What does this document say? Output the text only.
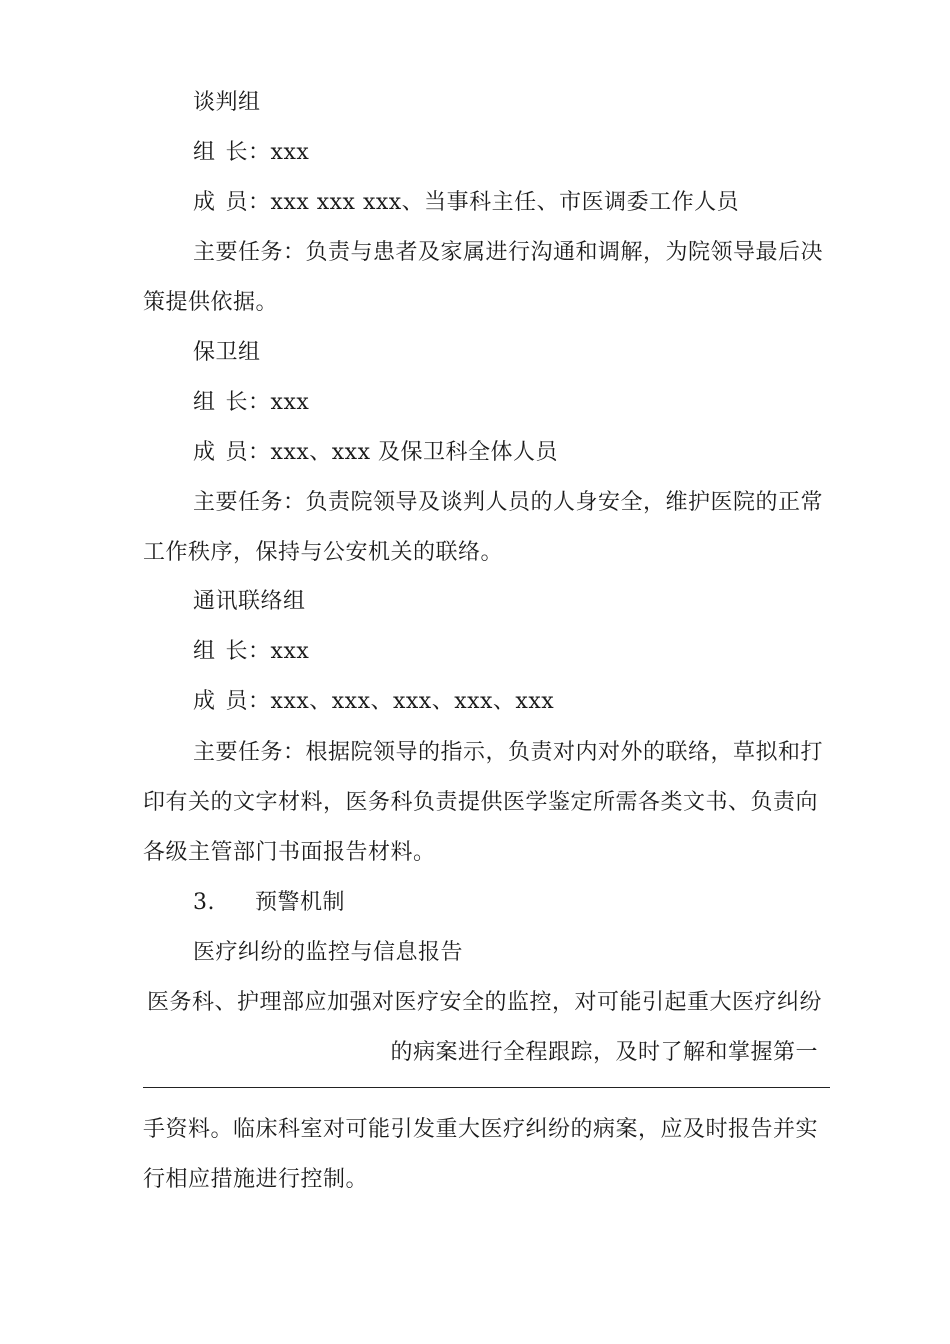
谈判组
组 长：xxx
成 员：xxx xxx xxx、当事科主任、市医调委工作人员
主要任务：负责与患者及家属进行沟通和调解，为院领导最后决
策提供依据。
保卫组
组 长：xxx
成 员：xxx、xxx 及保卫科全体人员
主要任务：负责院领导及谈判人员的人身安全，维护医院的正常
工作秩序，保持与公安机关的联络。
通讯联络组
组 长：xxx
成 员：xxx、xxx、xxx、xxx、xxx
主要任务：根据院领导的指示，负责对内对外的联络，草拟和打
印有关的文字材料，医务科负责提供医学鉴定所需各类文书、负责向
各级主管部门书面报告材料。
3. 预警机制
医疗纠纷的监控与信息报告
医务科、护理部应加强对医疗安全的监控，对可能引起重大医疗纠纷
的病案进行全程跟踪，及时了解和掌握第一
手资料。临床科室对可能引发重大医疗纠纷的病案，应及时报告并实
行相应措施进行控制。
